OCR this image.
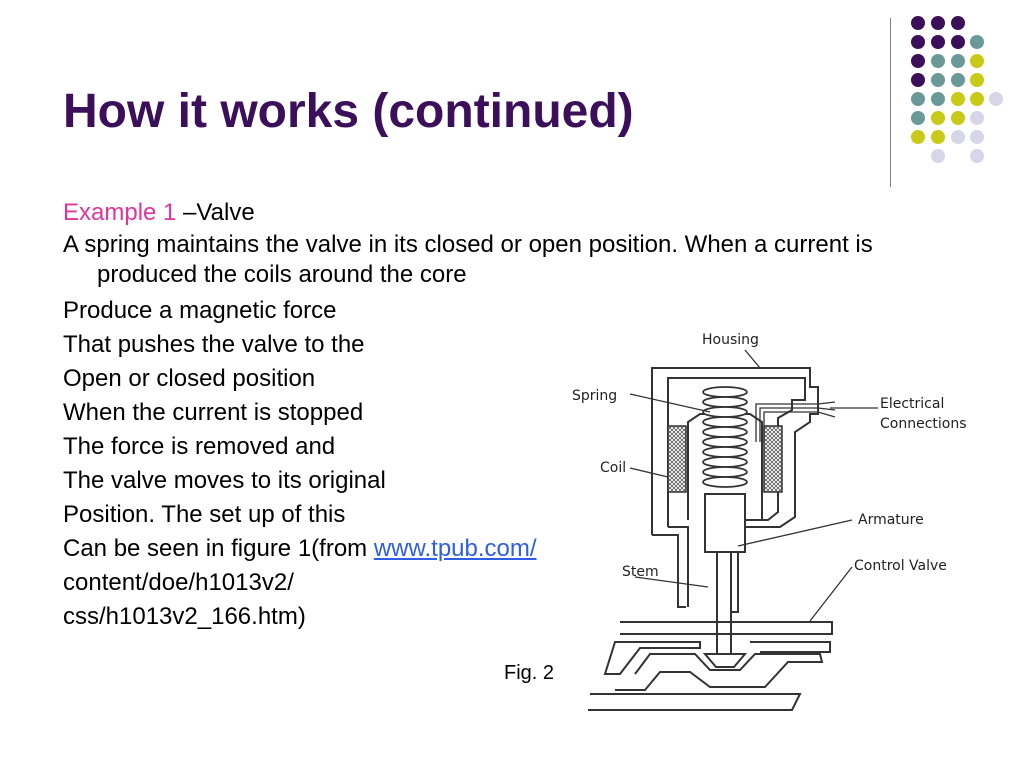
How it works (continued)
Example 1 –Valve
A spring maintains the valve in its closed or open position. When a current is produced the coils around the core
Produce a magnetic force
That pushes the valve to the
Open or closed position
When the current is stopped
The force is removed and
The valve moves to its original
Position. The set up of this
Can be seen in figure 1(from www.tpub.com/
content/doe/h1013v2/
css/h1013v2_166.htm)
Housing
Spring	Electrical
Connections
Coil
Armature
Stem	Control Valve
Fig. 2
